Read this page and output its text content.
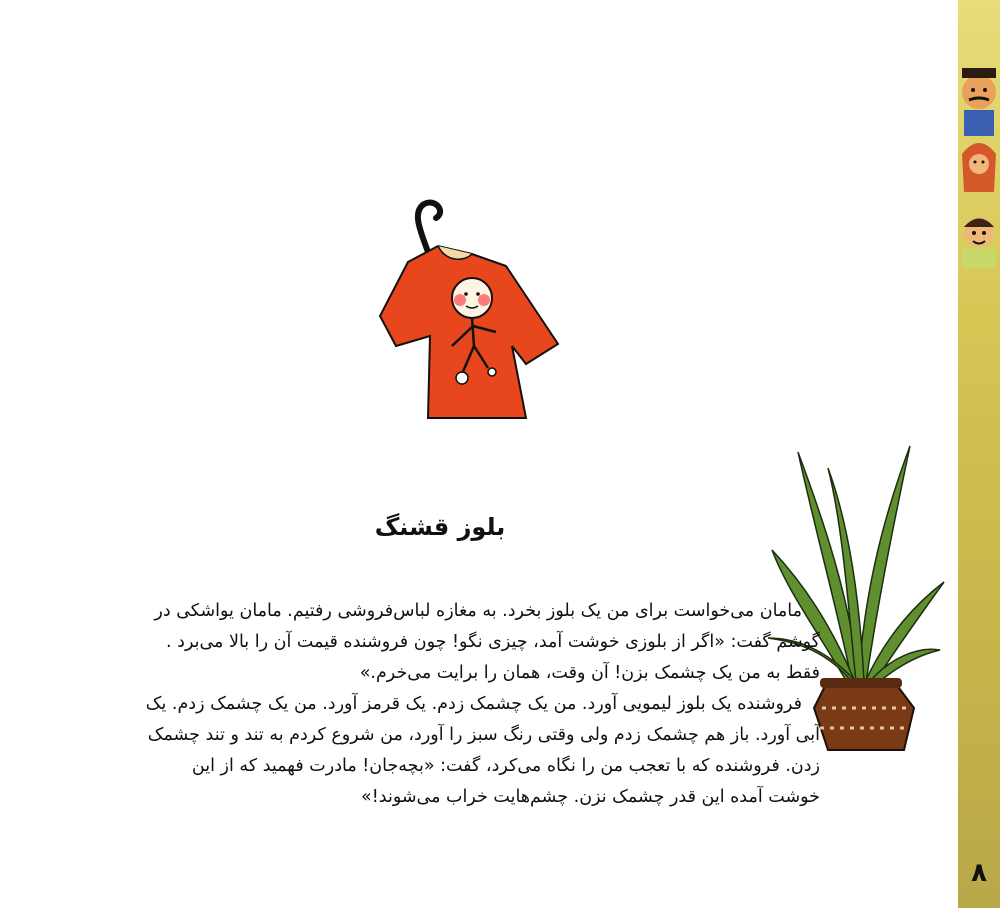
بلوز قشنگ

مامان می‌خواست برای من یک بلوز بخرد. به مغازه لباس‌فروشی رفتیم. مامان یواشکی در گوشم گفت: «اگر از بلوزی خوشت آمد، چیزی نگو! چون فروشنده قیمت آن را بالا می‌برد . فقط به من یک چشمک بزن! آن وقت، همان را برایت می‌خرم.»

فروشنده یک بلوز لیمویی آورد. من یک چشمک زدم. یک قرمز آورد. من یک چشمک زدم. یک آبی آورد. باز هم چشمک زدم ولی وقتی رنگ سبز را آورد، من شروع کردم به تند و تند چشمک زدن. فروشنده که با تعجب من را نگاه می‌کرد، گفت: «بچه‌جان! مادرت فهمید که از این خوشت آمده این قدر چشمک نزن. چشم‌هایت خراب می‌شوند!»

۸
